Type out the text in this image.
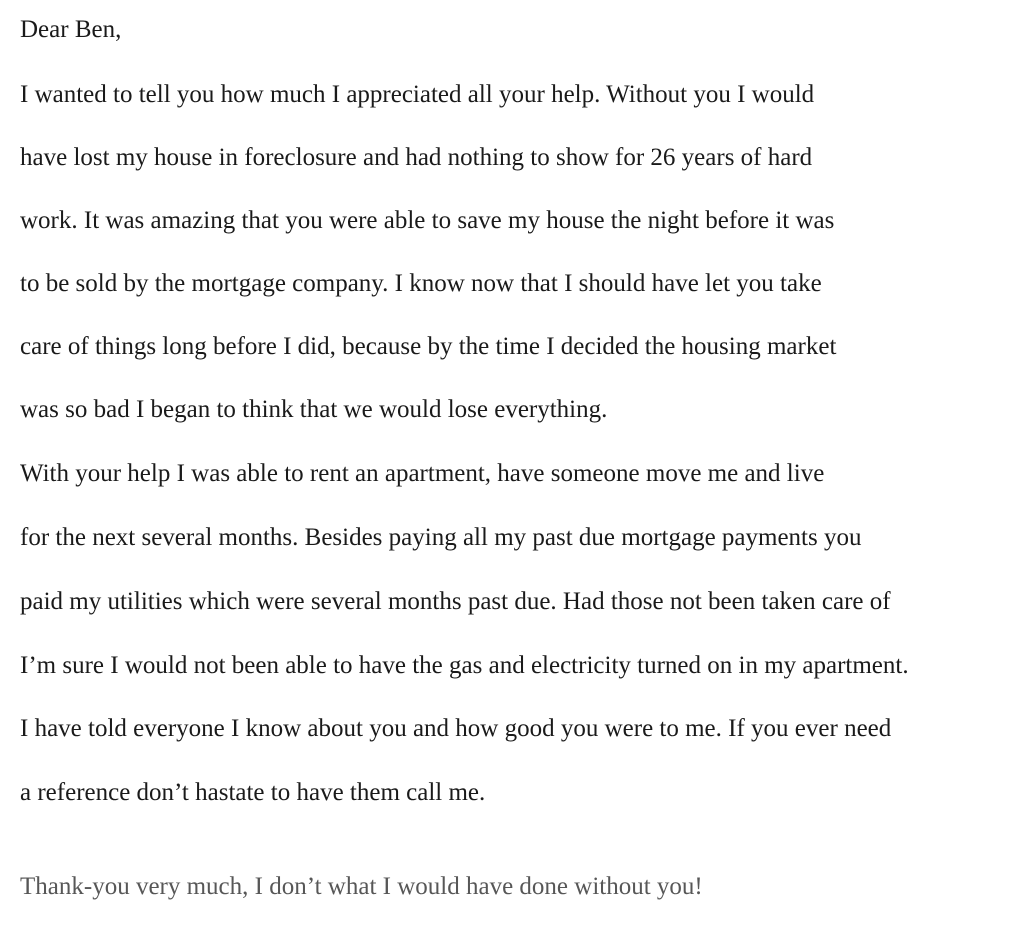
Dear Ben,
I wanted to tell you how much I appreciated all your help. Without you I would
have lost my house in foreclosure and had nothing to show for 26 years of hard
work. It was amazing that you were able to save my house the night before it was
to be sold by the mortgage company. I know now that I should have let you take
care of things long before I did, because by the time I decided the housing market
was so bad I began to think that we would lose everything.
With your help I was able to rent an apartment, have someone move me and live
for the next several months. Besides paying all my past due mortgage payments you
paid my utilities which were several months past due. Had those not been taken care of
I’m sure I would not been able to have the gas and electricity turned on in my apartment.
I have told everyone I know about you and how good you were to me. If you ever need
a reference don’t hastate to have them call me.
Thank-you very much, I don’t what I would have done without you!
